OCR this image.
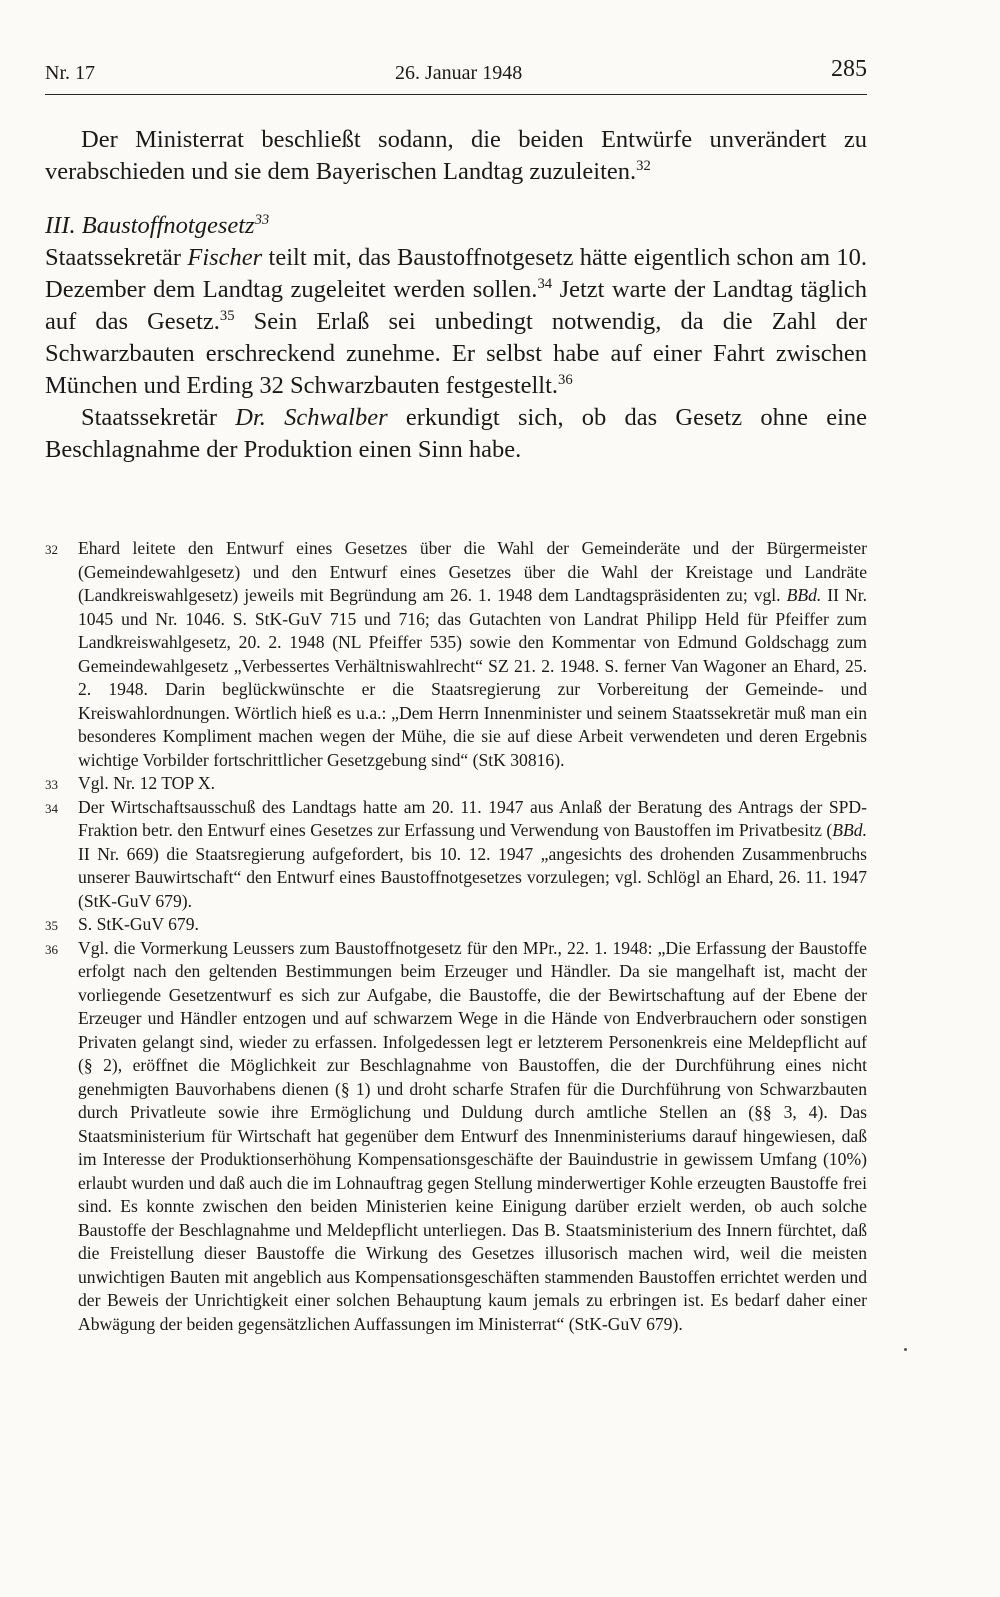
Nr. 17	26. Januar 1948	285

Der Ministerrat beschließt sodann, die beiden Entwürfe unverändert zu verabschieden und sie dem Bayerischen Landtag zuzuleiten.$^{32}$

III. Baustoffnotgesetz$^{33}$

Staatssekretär Fischer teilt mit, das Baustoffnotgesetz hätte eigentlich schon am 10. Dezember dem Landtag zugeleitet werden sollen.$^{34}$ Jetzt warte der Landtag täglich auf das Gesetz.$^{35}$ Sein Erlaß sei unbedingt notwendig, da die Zahl der Schwarzbauten erschreckend zunehme. Er selbst habe auf einer Fahrt zwischen München und Erding 32 Schwarzbauten festgestellt.$^{36}$

Staatssekretär Dr. Schwalber erkundigt sich, ob das Gesetz ohne eine Beschlagnahme der Produktion einen Sinn habe.

32 Ehard leitete den Entwurf eines Gesetzes über die Wahl der Gemeinderäte und der Bürgermeister (Gemeindewahlgesetz) und den Entwurf eines Gesetzes über die Wahl der Kreistage und Landräte (Landkreiswahlgesetz) jeweils mit Begründung am 26. 1. 1948 dem Landtagspräsidenten zu; vgl. BBd. II Nr. 1045 und Nr. 1046. S. StK-GuV 715 und 716; das Gutachten von Landrat Philipp Held für Pfeiffer zum Landkreiswahlgesetz, 20. 2. 1948 (NL Pfeiffer 535) sowie den Kommentar von Edmund Goldschagg zum Gemeindewahlgesetz „Verbessertes Verhältniswahlrecht“ SZ 21. 2. 1948. S. ferner Van Wagoner an Ehard, 25. 2. 1948. Darin beglückwünschte er die Staatsregierung zur Vorbereitung der Gemeinde- und Kreiswahlordnungen. Wörtlich hieß es u.a.: „Dem Herrn Innenminister und seinem Staatssekretär muß man ein besonderes Kompliment machen wegen der Mühe, die sie auf diese Arbeit verwendeten und deren Ergebnis wichtige Vorbilder fortschrittlicher Gesetzgebung sind“ (StK 30816).
33 Vgl. Nr. 12 TOP X.
34 Der Wirtschaftsausschuß des Landtags hatte am 20. 11. 1947 aus Anlaß der Beratung des Antrags der SPD-Fraktion betr. den Entwurf eines Gesetzes zur Erfassung und Verwendung von Baustoffen im Privatbesitz (BBd. II Nr. 669) die Staatsregierung aufgefordert, bis 10. 12. 1947 „angesichts des drohenden Zusammenbruchs unserer Bauwirtschaft“ den Entwurf eines Baustoffnotgesetzes vorzulegen; vgl. Schlögl an Ehard, 26. 11. 1947 (StK-GuV 679).
35 S. StK-GuV 679.
36 Vgl. die Vormerkung Leussers zum Baustoffnotgesetz für den MPr., 22. 1. 1948: „Die Erfassung der Baustoffe erfolgt nach den geltenden Bestimmungen beim Erzeuger und Händler. Da sie mangelhaft ist, macht der vorliegende Gesetzentwurf es sich zur Aufgabe, die Baustoffe, die der Bewirtschaftung auf der Ebene der Erzeuger und Händler entzogen und auf schwarzem Wege in die Hände von Endverbrauchern oder sonstigen Privaten gelangt sind, wieder zu erfassen. Infolgedessen legt er letzterem Personenkreis eine Meldepflicht auf (§ 2), eröffnet die Möglichkeit zur Beschlagnahme von Baustoffen, die der Durchführung eines nicht genehmigten Bauvorhabens dienen (§ 1) und droht scharfe Strafen für die Durchführung von Schwarzbauten durch Privatleute sowie ihre Ermöglichung und Duldung durch amtliche Stellen an (§§ 3, 4). Das Staatsministerium für Wirtschaft hat gegenüber dem Entwurf des Innenministeriums darauf hingewiesen, daß im Interesse der Produktionserhöhung Kompensationsgeschäfte der Bauindustrie in gewissem Umfang (10%) erlaubt wurden und daß auch die im Lohnauftrag gegen Stellung minderwertiger Kohle erzeugten Baustoffe frei sind. Es konnte zwischen den beiden Ministerien keine Einigung darüber erzielt werden, ob auch solche Baustoffe der Beschlagnahme und Meldepflicht unterliegen. Das B. Staatsministerium des Innern fürchtet, daß die Freistellung dieser Baustoffe die Wirkung des Gesetzes illusorisch machen wird, weil die meisten unwichtigen Bauten mit angeblich aus Kompensationsgeschäften stammenden Baustoffen errichtet werden und der Beweis der Unrichtigkeit einer solchen Behauptung kaum jemals zu erbringen ist. Es bedarf daher einer Abwägung der beiden gegensätzlichen Auffassungen im Ministerrat“ (StK-GuV 679).
